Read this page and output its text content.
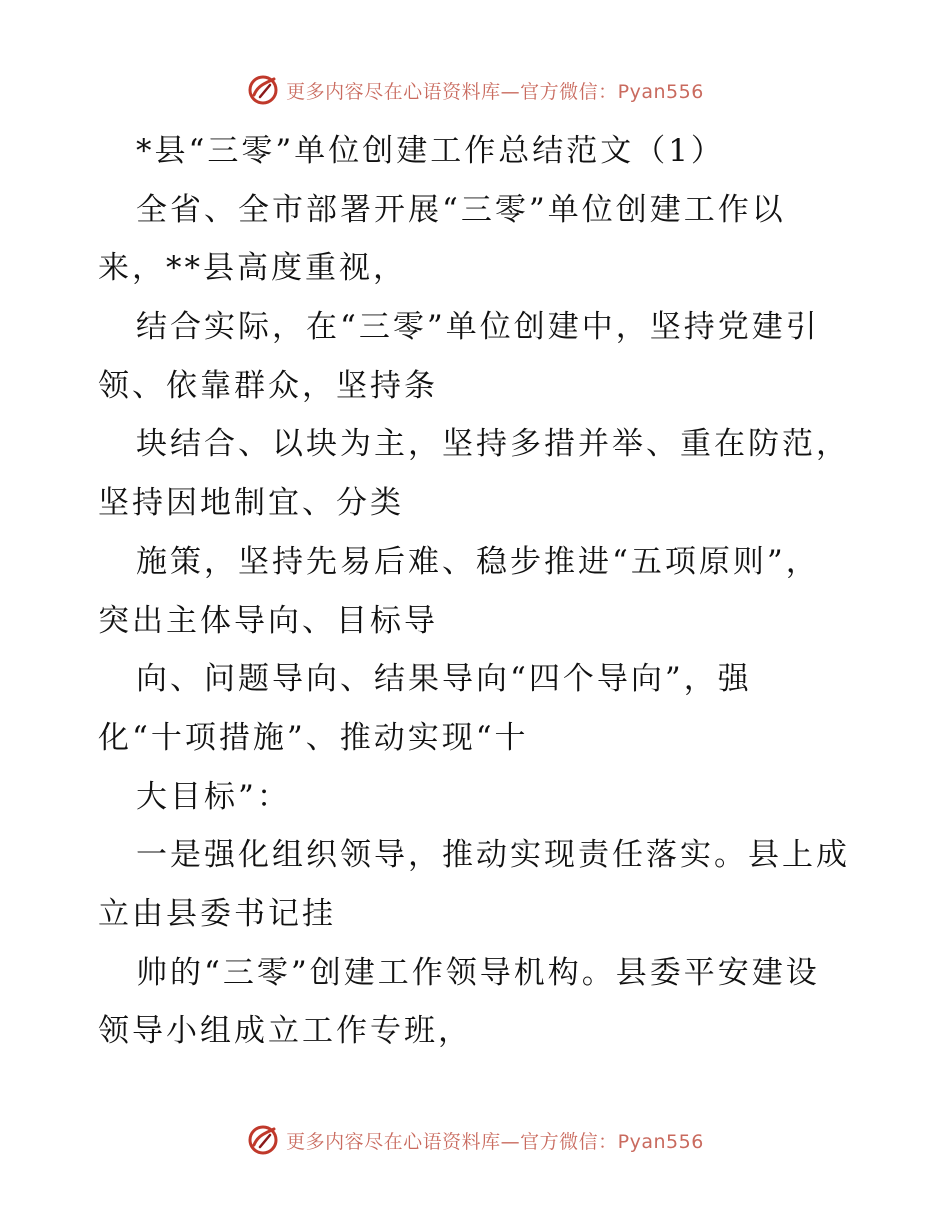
更多内容尽在心语资料库—官方微信：Pyan556
*县“三零”单位创建工作总结范文（1）
全省、全市部署开展“三零”单位创建工作以
来，**县高度重视，
结合实际，在“三零”单位创建中，坚持党建引
领、依靠群众，坚持条
块结合、以块为主，坚持多措并举、重在防范，
坚持因地制宜、分类
施策，坚持先易后难、稳步推进“五项原则”，
突出主体导向、目标导
向、问题导向、结果导向“四个导向”，强
化“十项措施”、推动实现“十
大目标”：
一是强化组织领导，推动实现责任落实。县上成
立由县委书记挂
帅的“三零”创建工作领导机构。县委平安建设
领导小组成立工作专班，
更多内容尽在心语资料库—官方微信：Pyan556
